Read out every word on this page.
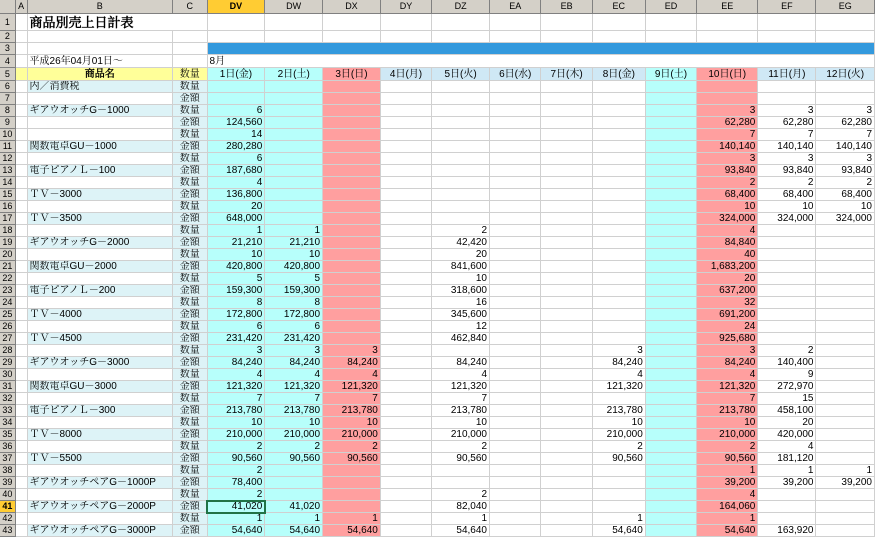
	A	B	C	DV	DW	DX	DY	DZ	EA	EB	EC	ED	EE	EF	EG
1		商品別売上日計表													
2															
3															
4		平成26年04月01日～		8月											
5		商品名	数量	1日(金)	2日(土)	3日(日)	4日(月)	5日(火)	6日(水)	7日(木)	8日(金)	9日(土)	10日(日)	11日(月)	12日(火)
6		内／消費税	数量												
7			金額												
8		ギアウオッチG－1000	数量	6									3	3	3
9			金額	124,560									62,280	62,280	62,280
10			数量	14									7	7	7
11		関数電卓GU－1000	金額	280,280									140,140	140,140	140,140
12			数量	6									3	3	3
13		電子ピアノＬ－100	金額	187,680									93,840	93,840	93,840
14			数量	4									2	2	2
15		ＴＶ－3000	金額	136,800									68,400	68,400	68,400
16			数量	20									10	10	10
17		ＴＶ－3500	金額	648,000									324,000	324,000	324,000
18			数量	1	1			2					4		
19		ギアウオッチG－2000	金額	21,210	21,210			42,420					84,840		
20			数量	10	10			20					40		
21		関数電卓GU－2000	金額	420,800	420,800			841,600					1,683,200		
22			数量	5	5			10					20		
23		電子ピアノＬ－200	金額	159,300	159,300			318,600					637,200		
24			数量	8	8			16					32		
25		ＴＶ－4000	金額	172,800	172,800			345,600					691,200		
26			数量	6	6			12					24		
27		ＴＶ－4500	金額	231,420	231,420			462,840					925,680		
28			数量	3	3	3					3		3	2	
29		ギアウオッチG－3000	金額	84,240	84,240	84,240		84,240			84,240		84,240	140,400	
30			数量	4	4	4		4			4		4	9	
31		関数電卓GU－3000	金額	121,320	121,320	121,320		121,320			121,320		121,320	272,970	
32			数量	7	7	7		7					7	15	
33		電子ピアノＬ－300	金額	213,780	213,780	213,780		213,780			213,780		213,780	458,100	
34			数量	10	10	10		10			10		10	20	
35		ＴＶ－8000	金額	210,000	210,000	210,000		210,000			210,000		210,000	420,000	
36			数量	2	2	2		2			2		2	4	
37		ＴＶ－5500	金額	90,560	90,560	90,560		90,560			90,560		90,560	181,120	
38			数量	2									1	1	1
39		ギアウオッチペアG－1000P	金額	78,400									39,200	39,200	39,200
40			数量	2				2					4		
41		ギアウオッチペアG－2000P	金額	41,020	41,020			82,040					164,060		
42			数量	1	1	1		1			1		1		
43		ギアウオッチペアG－3000P	金額	54,640	54,640	54,640		54,640			54,640		54,640	163,920	
